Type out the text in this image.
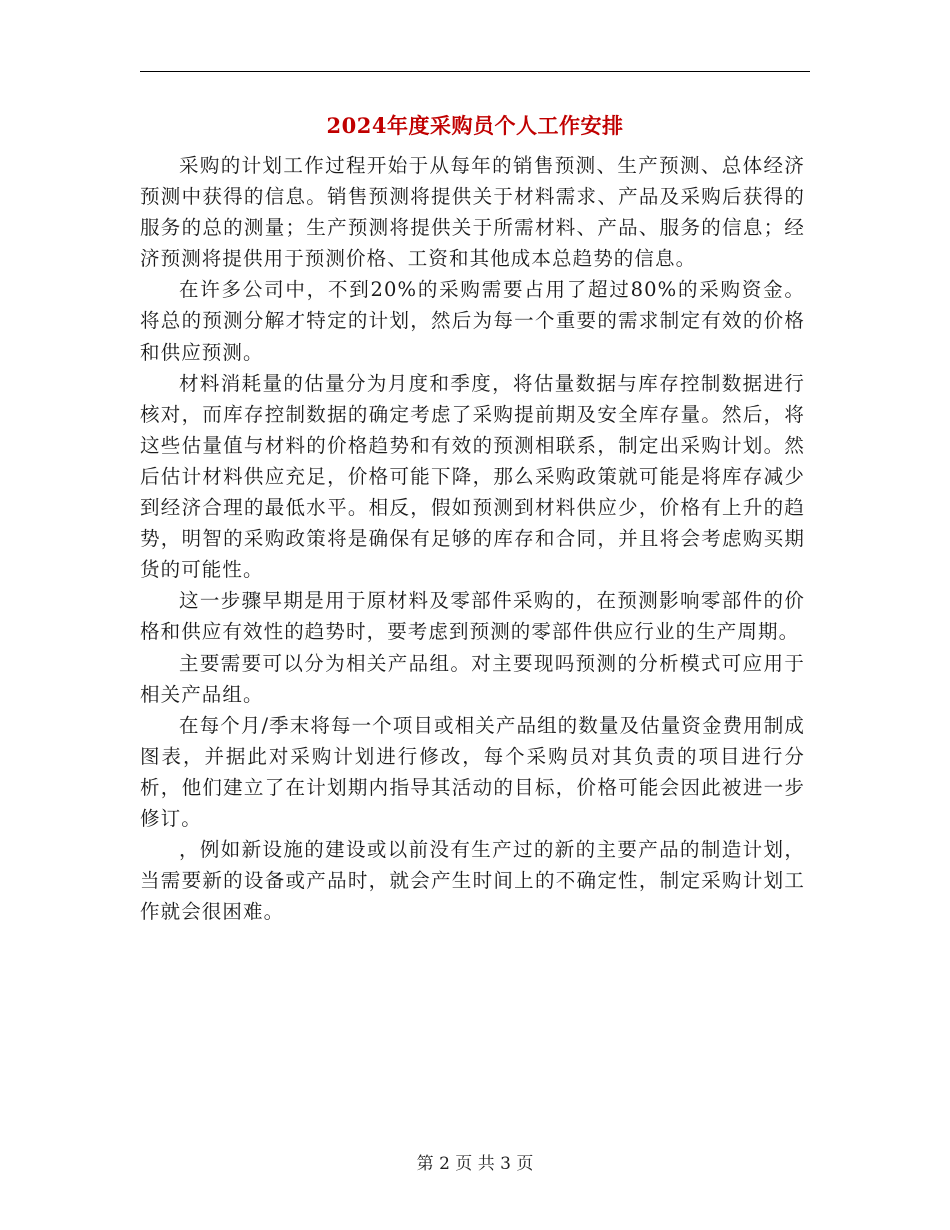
2024年度采购员个人工作安排

采购的计划工作过程开始于从每年的销售预测、生产预测、总体经济预测中获得的信息。销售预测将提供关于材料需求、产品及采购后获得的服务的总的测量；生产预测将提供关于所需材料、产品、服务的信息；经济预测将提供用于预测价格、工资和其他成本总趋势的信息。

在许多公司中，不到20%的采购需要占用了超过80%的采购资金。将总的预测分解才特定的计划，然后为每一个重要的需求制定有效的价格和供应预测。

材料消耗量的估量分为月度和季度，将估量数据与库存控制数据进行核对，而库存控制数据的确定考虑了采购提前期及安全库存量。然后，将这些估量值与材料的价格趋势和有效的预测相联系，制定出采购计划。然后估计材料供应充足，价格可能下降，那么采购政策就可能是将库存减少到经济合理的最低水平。相反，假如预测到材料供应少，价格有上升的趋势，明智的采购政策将是确保有足够的库存和合同，并且将会考虑购买期货的可能性。

这一步骤早期是用于原材料及零部件采购的，在预测影响零部件的价格和供应有效性的趋势时，要考虑到预测的零部件供应行业的生产周期。

主要需要可以分为相关产品组。对主要现吗预测的分析模式可应用于相关产品组。

在每个月/季末将每一个项目或相关产品组的数量及估量资金费用制成图表，并据此对采购计划进行修改，每个采购员对其负责的项目进行分析，他们建立了在计划期内指导其活动的目标，价格可能会因此被进一步修订。

，例如新设施的建设或以前没有生产过的新的主要产品的制造计划，当需要新的设备或产品时，就会产生时间上的不确定性，制定采购计划工作就会很困难。

第 2 页 共 3 页
